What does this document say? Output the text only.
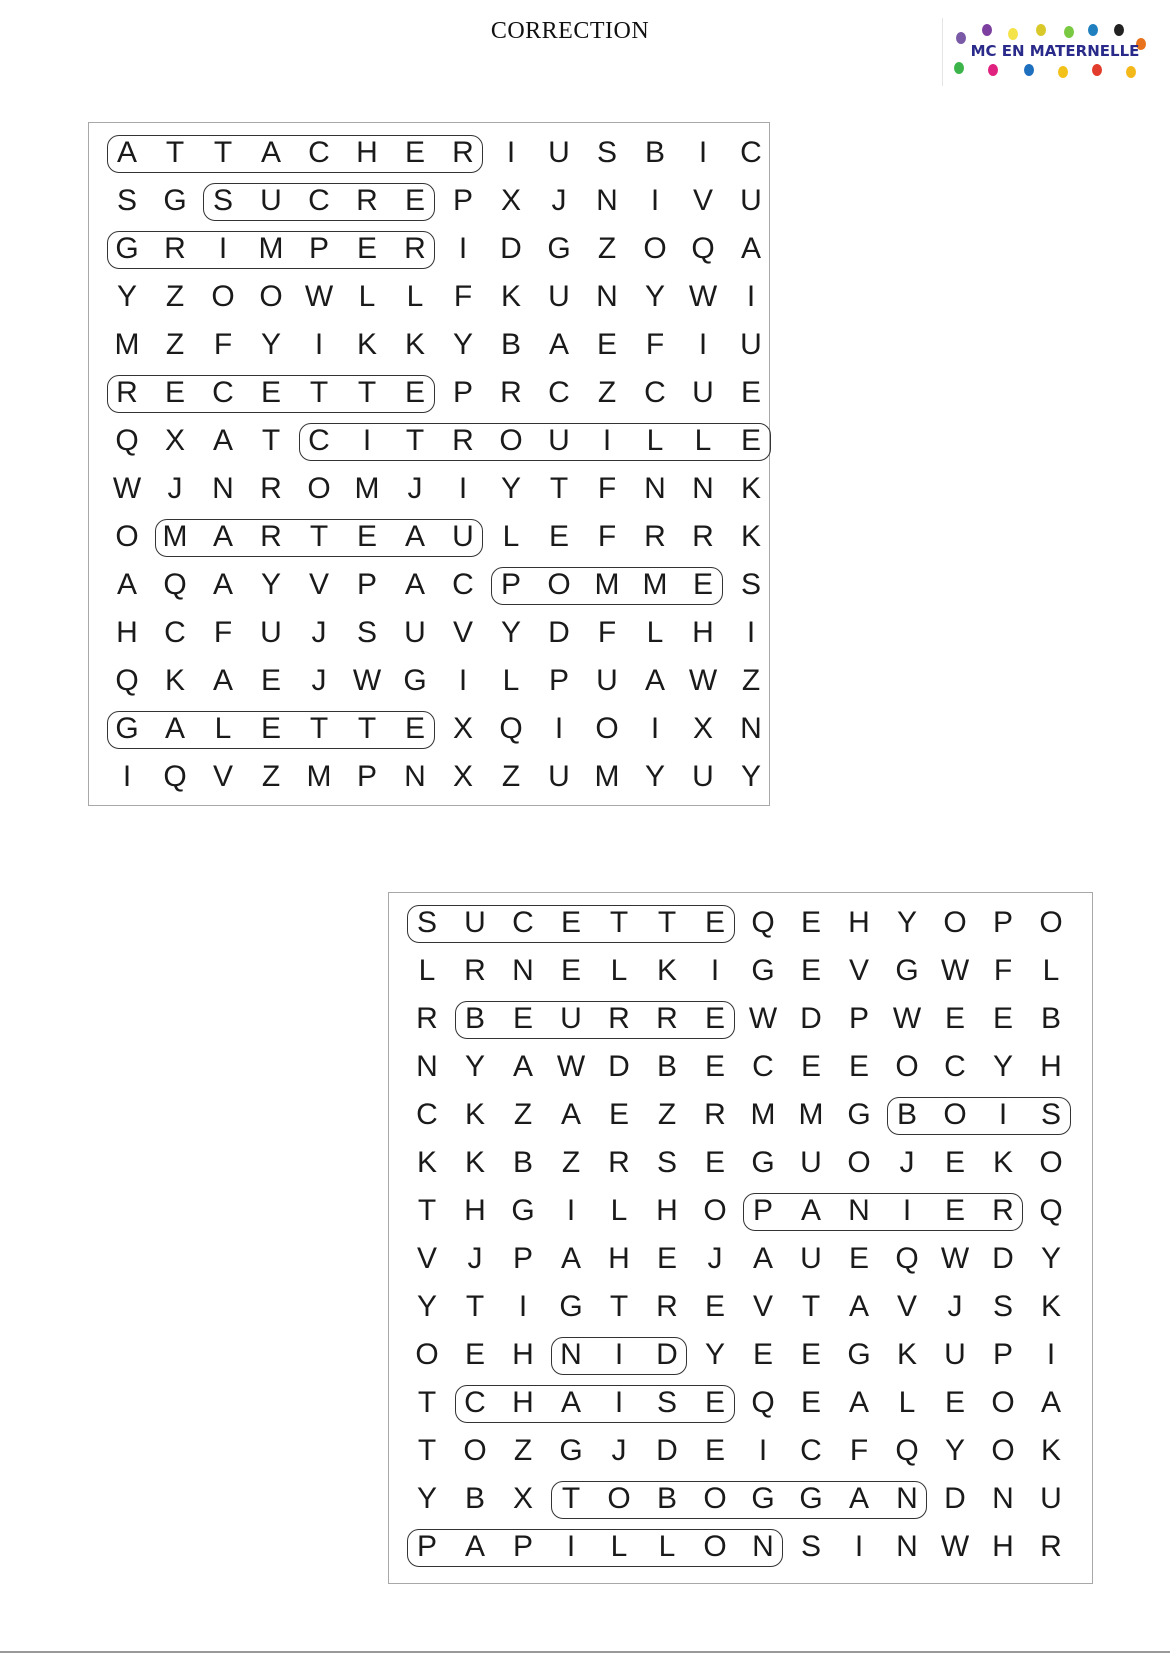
CORRECTION
MC EN MATERNELLE
A T T A C H E R	I	U S B	I	C
S G S U C R E P X	J N	I	V U
G R	I	M P E R	I	D G Z O Q A
Y Z O O W L	L	F K U N Y W I
M Z F Y	I	K K Y B A E F	I	U
R E C E T T E P R C Z C U E
Q X A T C	I	T R O U	I	L	L E
W J N R O M J	I	Y T F N N K
O M A R T E A U L E F R R K
A Q A Y V P A C P O M M E S
H C F U J	S U V Y D F	L H	I
Q K A E	J W G	I	L P U A W Z
G A L E T T E X Q	I	O	I	X N
I	Q V Z M P N X Z U M Y U Y
S U C E T T E Q E H Y O P O
L R N E L K	I	G E V G W F	L
R B E U R R E W D P W E E B
N Y A W D B E C E E O C Y H
C K Z A E Z R M M G B O	I	S
K K B Z R S E G U O J	E K O
T H G	I	L H O P A N	I	E R Q
V	J	P A H E	J	A U E Q W D Y
Y T	I	G T R E V T A V	J	S K
O E H N	I	D Y E E G K U P	I
T C H A	I	S E Q E A L E O A
T O Z G J D E	I	C F Q Y O K
Y B X T O B O G G A N D N U
P A P	I	L	L O N S	I	N W H R
